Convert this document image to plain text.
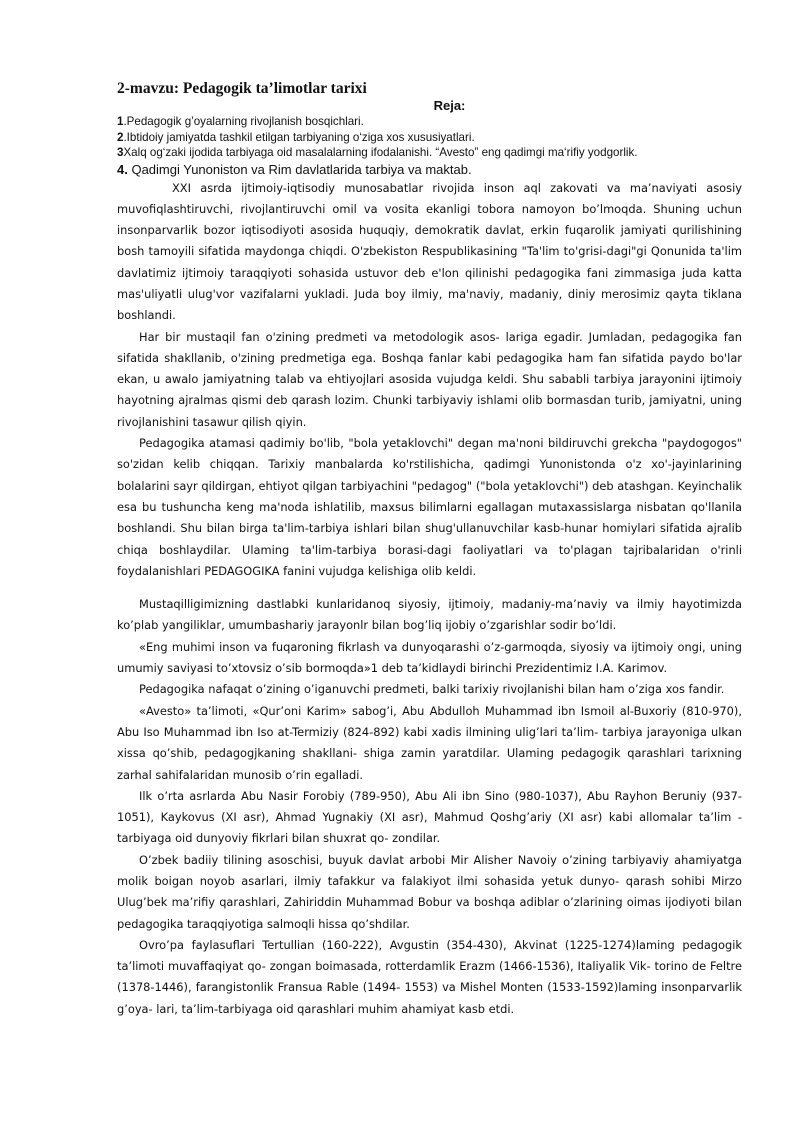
2-mavzu: Pedagogik ta’limotlar tarixi

Reja:

1.Pedagogik g’oyalarning rivojlanish bosqichlari.

2.Ibtidoiy jamiyatda tashkil etilgan tarbiyaning o‘ziga xos xususiyatlari.

3Xalq og‘zaki ijodida tarbiyaga oid masalalarning ifodalanishi. “Avesto” eng qadimgi ma‘rifiy yodgorlik.

4. Qadimgi Yunoniston va Rim davlatlarida tarbiya va maktab.

XXI asrda ijtimoiy-iqtisodiy munosabatlar rivojida inson aql zakovati va ma’naviyati asosiy muvofiqlashtiruvchi, rivojlantiruvchi omil va vosita ekanligi tobora namoyon bo’lmoqda. Shuning uchun insonparvarlik bozor iqtisodiyoti asosida huquqiy, demokratik davlat, erkin fuqarolik jamiyati qurilishining bosh tamoyili sifatida maydonga chiqdi. O'zbekiston Respublikasining "Ta'lim to'grisi-dagi"gi Qonunida ta'lim davlatimiz ijtimoiy taraqqiyoti sohasida ustuvor deb e'lon qilinishi pedagogika fani zimmasiga juda katta mas'uliyatli ulug'vor vazifalarni yukladi. Juda boy ilmiy, ma'naviy, madaniy, diniy merosimiz qayta tiklana boshlandi.

Har bir mustaqil fan o'zining predmeti va metodologik asos- lariga egadir. Jumladan, pedagogika fan sifatida shakllanib, o'zining predmetiga ega. Boshqa fanlar kabi pedagogika ham fan sifatida paydo bo'lar ekan, u awalo jamiyatning talab va ehtiyojlari asosida vujudga keldi. Shu sababli tarbiya jarayonini ijtimoiy hayotning ajralmas qismi deb qarash lozim. Chunki tarbiyaviy ishlami olib bormasdan turib, jamiyatni, uning rivojlanishini tasawur qilish qiyin.

Pedagogika atamasi qadimiy bo'lib, "bola yetaklovchi" degan ma'noni bildiruvchi grekcha "paydogogos" so'zidan kelib chiqqan. Tarixiy manbalarda ko'rstilishicha, qadimgi Yunonistonda o'z xo'-jayinlarining bolalarini sayr qildirgan, ehtiyot qilgan tarbiyachini "pedagog" ("bola yetaklovchi") deb atashgan. Keyinchalik esa bu tushuncha keng ma'noda ishlatilib, maxsus bilimlarni egallagan mutaxassislarga nisbatan qo'llanila boshlandi. Shu bilan birga ta'lim-tarbiya ishlari bilan shug'ullanuvchilar kasb-hunar homiylari sifatida ajralib chiqa boshlaydilar. Ulaming ta'lim-tarbiya borasi-dagi faoliyatlari va to'plagan tajribalaridan o'rinli foydalanishlari PEDAGOGIKA fanini vujudga kelishiga olib keldi.

Mustaqilligimizning dastlabki kunlaridanoq siyosiy, ijtimoiy, madaniy-ma’naviy va ilmiy hayotimizda ko’plab yangiliklar, umumbashariy jarayonlr bilan bog’liq ijobiy o’zgarishlar sodir bo’ldi.

«Eng muhimi inson va fuqaroning fikrlash va dunyoqarashi o’z-garmoqda, siyosiy va ijtimoiy ongi, uning umumiy saviyasi to’xtovsiz o’sib bormoqda»1 deb ta’kidlaydi birinchi Prezidentimiz I.A. Karimov.

Pedagogika nafaqat o’zining o’iganuvchi predmeti, balki tarixiy rivojlanishi bilan ham o’ziga xos fandir.

«Avesto» ta’limoti, «Qur’oni Karim» sabog’i, Abu Abdulloh Muhammad ibn Ismoil al-Buxoriy (810-970), Abu Iso Muhammad ibn Iso at-Termiziy (824-892) kabi xadis ilmining ulig’lari ta’lim- tarbiya jarayoniga ulkan xissa qo’shib, pedagogjkaning shakllani- shiga zamin yaratdilar. Ulaming pedagogik qarashlari tarixning zarhal sahifalaridan munosib o’rin egalladi.

Ilk o’rta asrlarda Abu Nasir Forobiy (789-950), Abu Ali ibn Sino (980-1037), Abu Rayhon Beruniy (937-1051), Kaykovus (XI asr), Ahmad Yugnakiy (XI asr), Mahmud Qoshg’ariy (XI asr) kabi allomalar ta’lim -tarbiyaga oid dunyoviy fikrlari bilan shuxrat qo- zondilar.

O’zbek badiiy tilining asoschisi, buyuk davlat arbobi Mir Alisher Navoiy o’zining tarbiyaviy ahamiyatga molik boigan noyob asarlari, ilmiy tafakkur va falakiyot ilmi sohasida yetuk dunyo- qarash sohibi Mirzo Ulug’bek ma’rifiy qarashlari, Zahiriddin Muhammad Bobur va boshqa adiblar o’zlarining oimas ijodiyoti bilan pedagogika taraqqiyotiga salmoqli hissa qo’shdilar.

Ovro’pa faylasuflari Tertullian (160-222), Avgustin (354-430), Akvinat (1225-1274)laming pedagogik ta’limoti muvaffaqiyat qo- zongan boimasada, rotterdamlik Erazm (1466-1536), Italiyalik Vik- torino de Feltre (1378-1446), farangistonlik Fransua Rable (1494- 1553) va Mishel Monten (1533-1592)laming insonparvarlik g’oya- lari, ta’lim-tarbiyaga oid qarashlari muhim ahamiyat kasb etdi.
